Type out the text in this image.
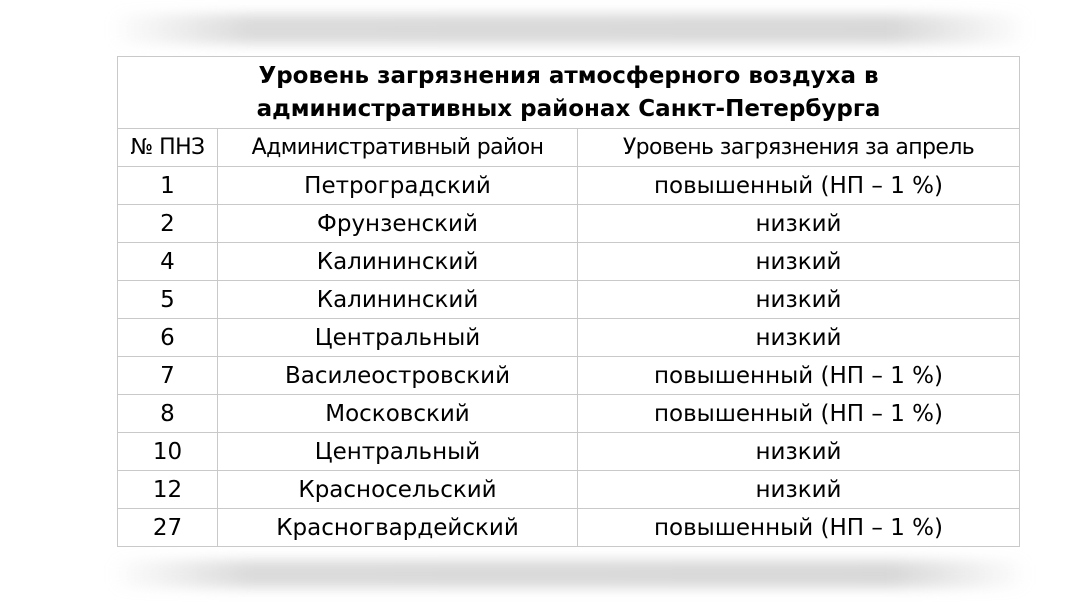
Уровень загрязнения атмосферного воздуха в
административных районах Санкт-Петербурга		

№ ПНЗ	Административный район	Уровень загрязнения за апрель
1	Петроградский	повышенный (НП – 1 %)
2	Фрунзенский	низкий
4	Калининский	низкий
5	Калининский	низкий
6	Центральный	низкий
7	Василеостровский	повышенный (НП – 1 %)
8	Московский	повышенный (НП – 1 %)
10	Центральный	низкий
12	Красносельский	низкий
27	Красногвардейский	повышенный (НП – 1 %)
